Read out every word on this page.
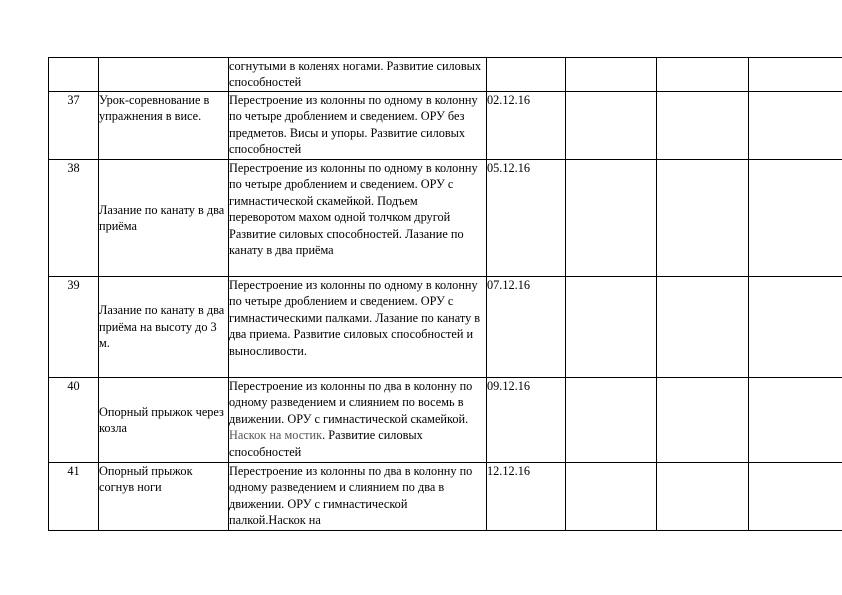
		согнутыми в коленях ногами. Развитие силовых способностей				
37	Урок-соревнование в упражнения в висе.	Перестроение из колонны по одному в колонну по четыре дроблением и сведением. ОРУ без предметов. Висы и упоры. Развитие силовых способностей	02.12.16			
38	Лазание по канату в два приёма	Перестроение из колонны по одному в колонну по четыре дроблением и сведением. ОРУ с гимнастической скамейкой. Подъем переворотом махом одной толчком другой Развитие силовых способностей. Лазание по канату в два приёма	05.12.16			
39	Лазание по канату в два приёма на высоту до 3 м.	Перестроение из колонны по одному в колонну по четыре дроблением и сведением. ОРУ с гимнастическими палками. Лазание по канату в два приема. Развитие силовых способностей и выносливости.	07.12.16			
40	Опорный прыжок через козла	Перестроение из колонны по два в колонну по одному разведением и слиянием по восемь в движении. ОРУ с гимнастической скамейкой. Наскок на мостик. Развитие силовых способностей	09.12.16			
41	Опорный прыжок согнув ноги	Перестроение из колонны по два в колонну по одному разведением и слиянием по два в движении. ОРУ с гимнастической палкой.Наскок на	12.12.16			
